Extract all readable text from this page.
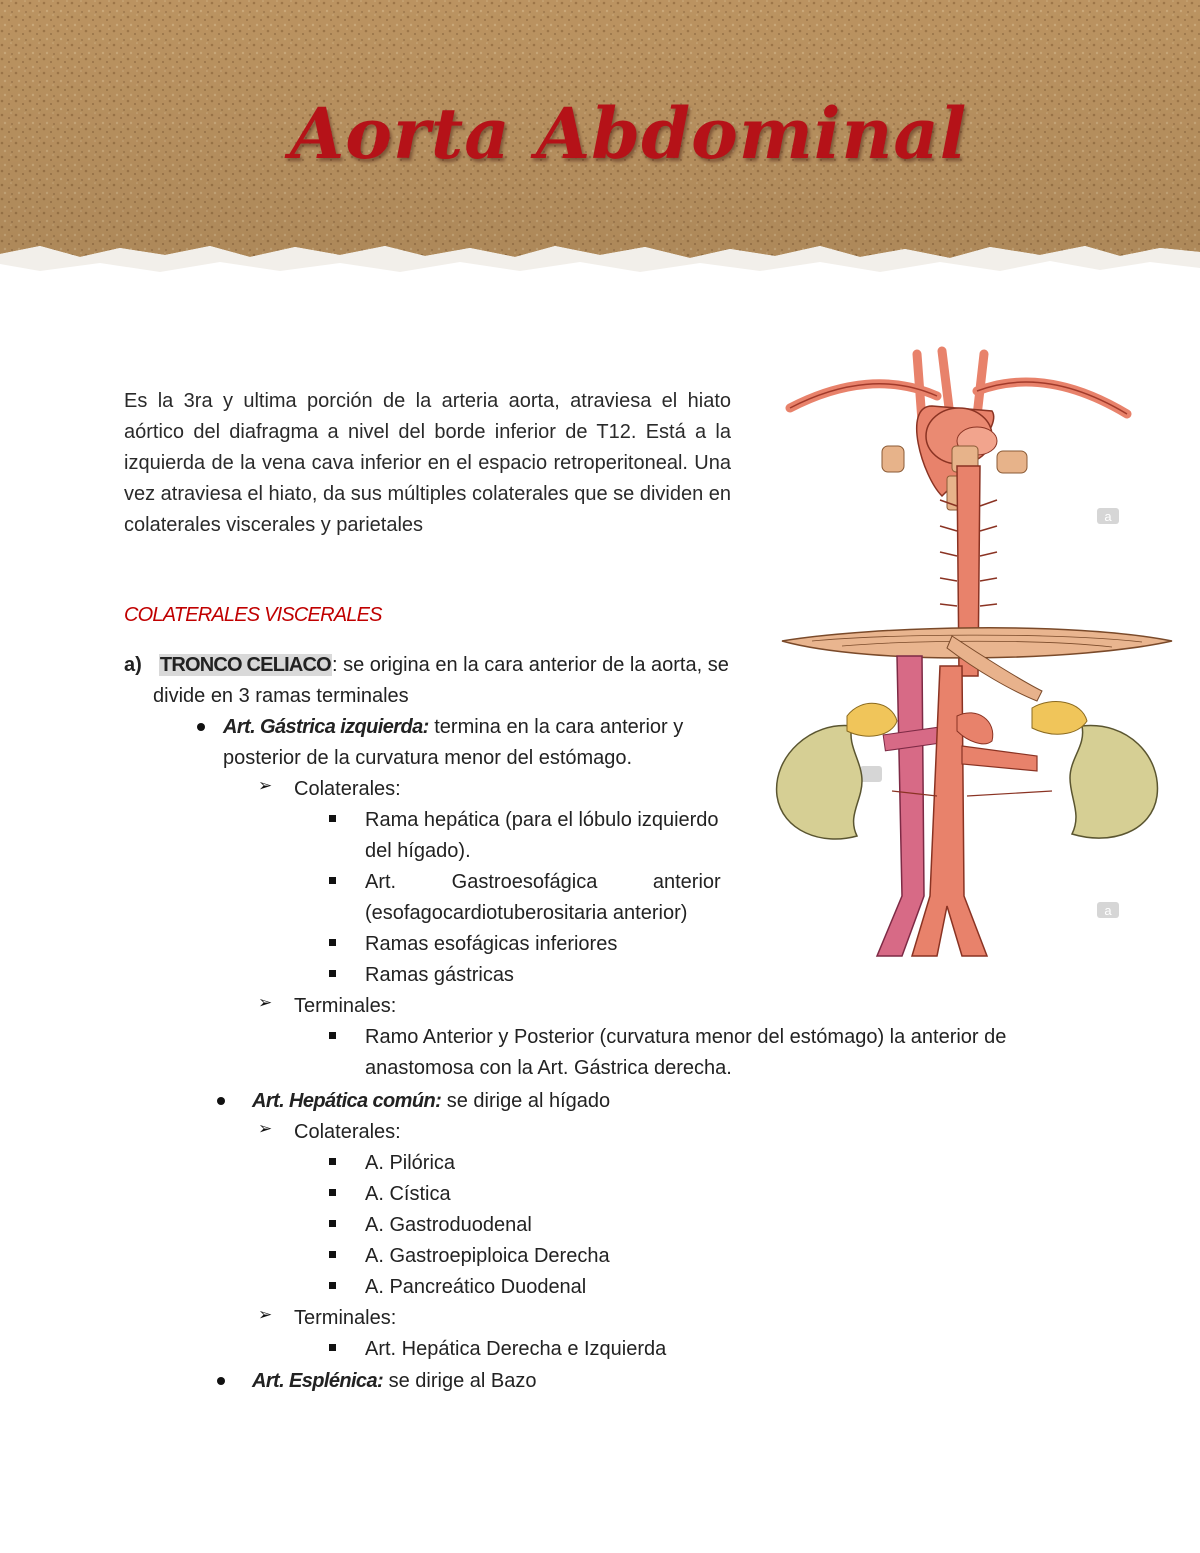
Aorta Abdominal

Es la 3ra y ultima porción de la arteria aorta, atraviesa el hiato aórtico del diafragma a nivel del borde inferior de T12. Está a la izquierda de la vena cava inferior en el espacio retroperitoneal. Una vez atraviesa el hiato, da sus múltiples colaterales que se dividen en colaterales viscerales y parietales

COLATERALES VISCERALES
a) TRONCO CELIACO: se origina en la cara anterior de la aorta, se
divide en 3 ramas terminales
Art. Gástrica izquierda: termina en la cara anterior y
posterior de la curvatura menor del estómago.
➢ Colaterales:
Rama hepática (para el lóbulo izquierdo
del hígado).
Art.          Gastroesofágica          anterior
(esofagocardiotuberositaria anterior)
Ramas esofágicas inferiores
Ramas gástricas
➢ Terminales:
Ramo Anterior y Posterior (curvatura menor del estómago) la anterior de
anastomosa con la Art. Gástrica derecha.
Art. Hepática común: se dirige al hígado
➢ Colaterales:
A. Pilórica
A. Cística
A. Gastroduodenal
A. Gastroepiploica Derecha
A. Pancreático Duodenal
➢ Terminales:
Art. Hepática Derecha e Izquierda
Art. Esplénica: se dirige al Bazo
a
a
